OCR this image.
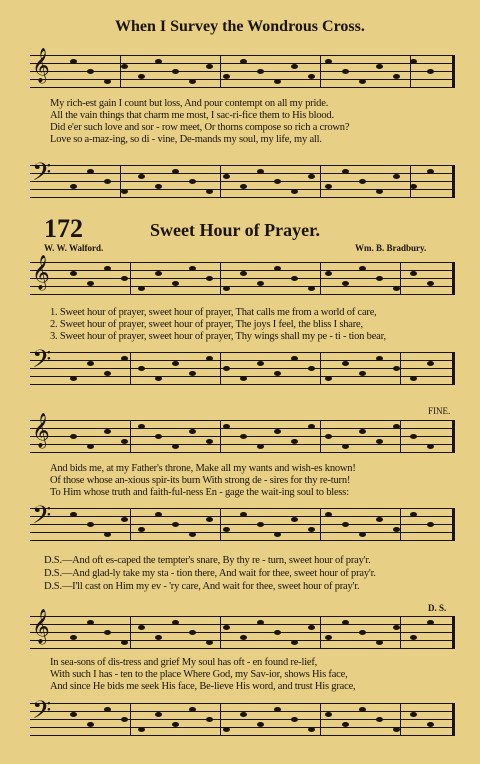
When I Survey the Wondrous Cross.
𝄞
My rich-est gain I count but loss, And pour contempt on all my pride.
All the vain things that charm me most, I sac-ri-fice them to His blood.
Did e'er such love and sor - row meet, Or thorns compose so rich a crown?
Love so a-maz-ing, so di - vine, De-mands my soul, my life, my all.
𝄢
172	Sweet Hour of Prayer.
W. W. Walford.	Wm. B. Bradbury.
𝄞
1. Sweet hour of prayer, sweet hour of prayer, That calls me from a world of care,
2. Sweet hour of prayer, sweet hour of prayer, The joys I feel, the bliss I share,
3. Sweet hour of prayer, sweet hour of prayer, Thy wings shall my pe - ti - tion bear,
𝄢
FINE.
𝄞
And bids me, at my Father's throne, Make all my wants and wish-es known!
Of those whose an-xious spir-its burn With strong de - sires for thy re-turn!
To Him whose truth and faith-ful-ness En - gage the wait-ing soul to bless:
𝄢
D.S.—And oft es-caped the tempter's snare, By thy re - turn, sweet hour of pray'r.
D.S.—And glad-ly take my sta - tion there, And wait for thee, sweet hour of pray'r.
D.S.—I'll cast on Him my ev - 'ry care, And wait for thee, sweet hour of pray'r.
D. S.
𝄞
In sea-sons of dis-tress and grief My soul has oft - en found re-lief,
With such I has - ten to the place Where God, my Sav-ior, shows His face,
And since He bids me seek His face, Be-lieve His word, and trust His grace,
𝄢
